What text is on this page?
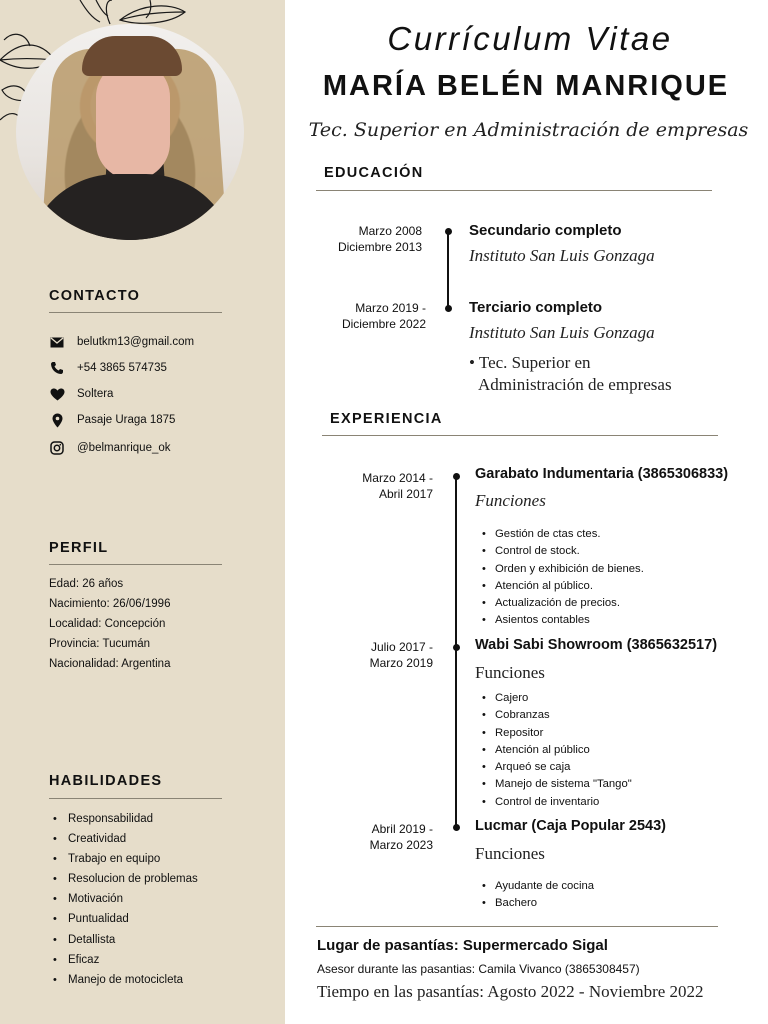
CONTACTO
belutkm13@gmail.com
+54 3865 574735
Soltera
Pasaje Uraga 1875
@belmanrique_ok
PERFIL
Edad: 26 años
Nacimiento: 26/06/1996
Localidad: Concepción
Provincia: Tucumán
Nacionalidad: Argentina
HABILIDADES
• Responsabilidad
• Creatividad
• Trabajo en equipo
• Resolucion de problemas
• Motivación
• Puntualidad
• Detallista
• Eficaz
• Manejo de motocicleta
Currículum Vitae
MARÍA BELÉN MANRIQUE
Tec. Superior en Administración de empresas
EDUCACIÓN
Marzo 2008
Diciembre 2013
Secundario completo
Instituto San Luis Gonzaga
Marzo 2019 -
Diciembre 2022
Terciario completo
Instituto San Luis Gonzaga
• Tec. Superior en
Administración de empresas
EXPERIENCIA
Marzo 2014 -
Abril 2017
Garabato Indumentaria (3865306833)
Funciones
• Gestión de ctas ctes.
• Control de stock.
• Orden y exhibición de bienes.
• Atención al público.
• Actualización de precios.
• Asientos contables
Julio 2017 -
Marzo 2019
Wabi Sabi Showroom (3865632517)
Funciones
• Cajero
• Cobranzas
• Repositor
• Atención al público
• Arqueó se caja
• Manejo de sistema "Tango"
• Control de inventario
Abril 2019 -
Marzo 2023
Lucmar (Caja Popular 2543)
Funciones
• Ayudante de cocina
• Bachero
Lugar de pasantías: Supermercado Sigal
Asesor durante las pasantias: Camila Vivanco (3865308457)
Tiempo en las pasantías: Agosto 2022 - Noviembre 2022
